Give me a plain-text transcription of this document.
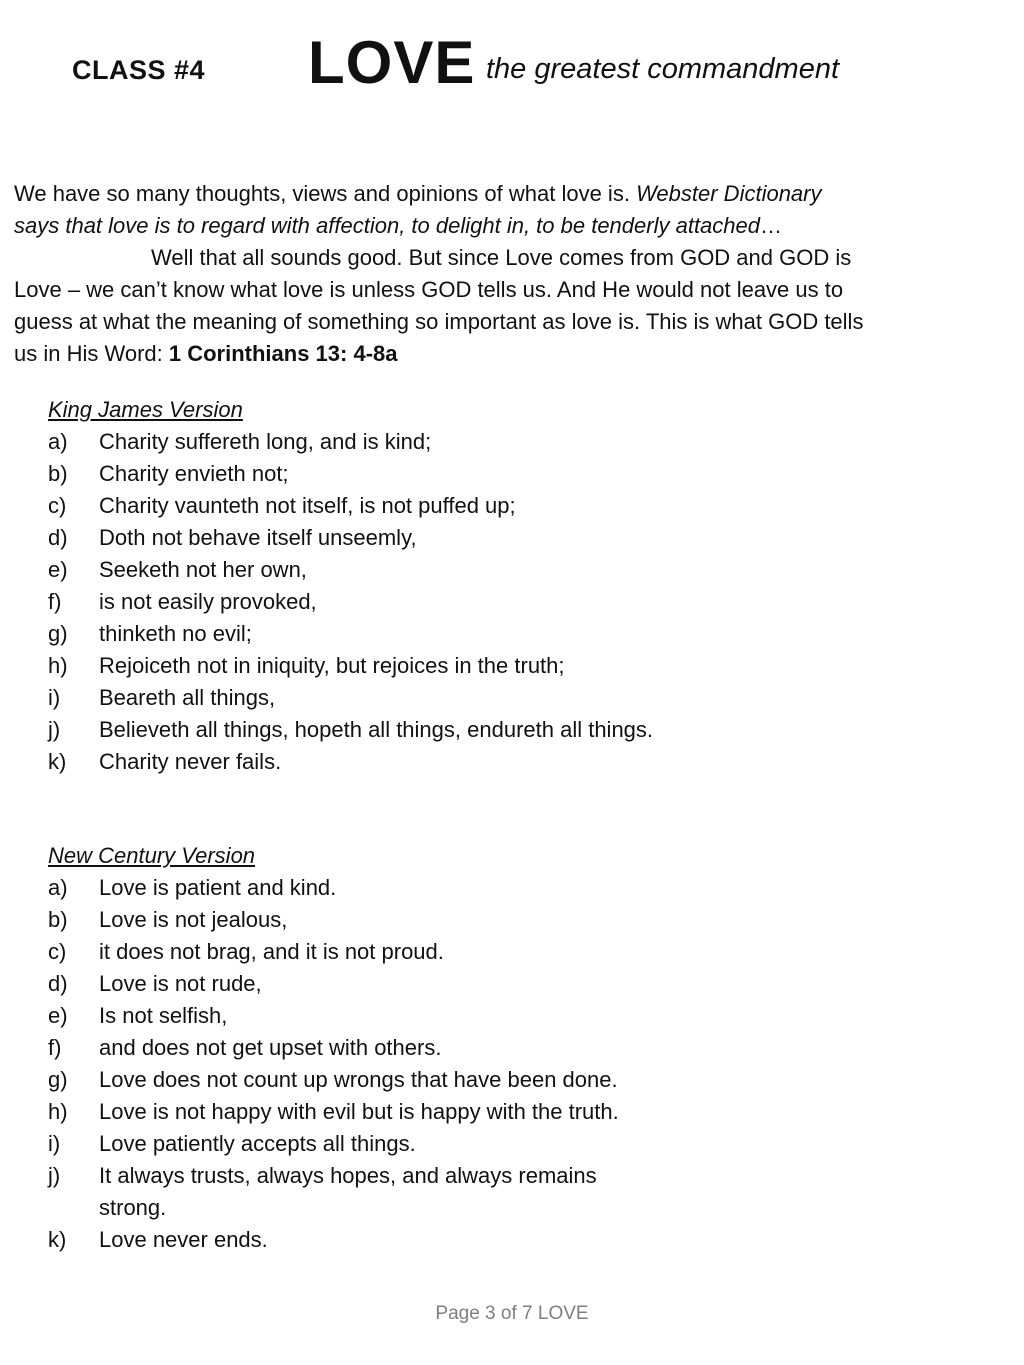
CLASS #4 LOVE the greatest commandment
We have so many thoughts, views and opinions of what love is. Webster Dictionary
says that love is to regard with affection, to delight in, to be tenderly attached…
Well that all sounds good. But since Love comes from GOD and GOD is
Love – we can’t know what love is unless GOD tells us. And He would not leave us to
guess at what the meaning of something so important as love is. This is what GOD tells
us in His Word: 1 Corinthians 13: 4-8a
King James Version
a)	Charity suffereth long, and is kind;
b)	Charity envieth not;
c)	Charity vaunteth not itself, is not puffed up;
d)	Doth not behave itself unseemly,
e)	Seeketh not her own,
f)	is not easily provoked,
g)	thinketh no evil;
h)	Rejoiceth not in iniquity, but rejoices in the truth;
i)	Beareth all things,
j)	Believeth all things, hopeth all things, endureth all things.
k)	Charity never fails.
New Century Version
a)	Love is patient and kind.
b)	Love is not jealous,
c)	it does not brag, and it is not proud.
d)	Love is not rude,
e)	Is not selfish,
f)	and does not get upset with others.
g)	Love does not count up wrongs that have been done.
h)	Love is not happy with evil but is happy with the truth.
i)	Love patiently accepts all things.
j)	It always trusts, always hopes, and always remains strong.
k)	Love never ends.
Page 3 of 7 LOVE
